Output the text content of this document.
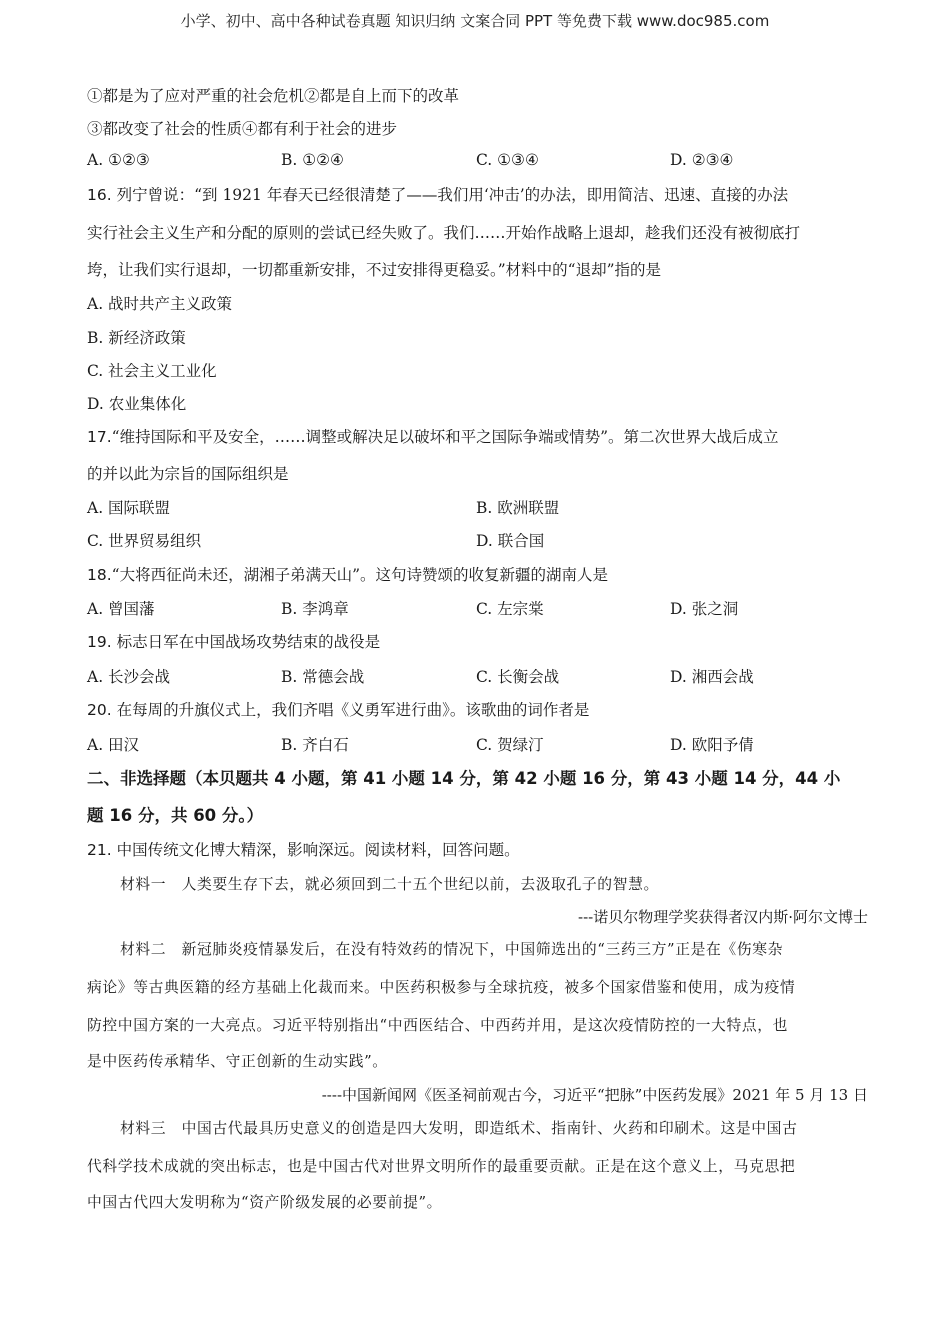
小学、初中、高中各种试卷真题 知识归纳 文案合同 PPT 等免费下载 www.doc985.com
①都是为了应对严重的社会危机②都是自上而下的改革
③都改变了社会的性质④都有利于社会的进步
A. ①②③	B. ①②④	C. ①③④	D. ②③④
16. 列宁曾说：“到 1921 年春天已经很清楚了——我们用‘冲击’的办法，即用简洁、迅速、直接的办法
实行社会主义生产和分配的原则的尝试已经失败了。我们……开始作战略上退却，趁我们还没有被彻底打
垮，让我们实行退却，一切都重新安排，不过安排得更稳妥。”材料中的“退却”指的是
A. 战时共产主义政策
B. 新经济政策
C. 社会主义工业化
D. 农业集体化
17.“维持国际和平及安全，……调整或解决足以破坏和平之国际争端或情势”。第二次世界大战后成立
的并以此为宗旨的国际组织是
A. 国际联盟	B. 欧洲联盟
C. 世界贸易组织	D. 联合国
18.“大将西征尚未还，湖湘子弟满天山”。这句诗赞颂的收复新疆的湖南人是
A. 曾国藩	B. 李鸿章	C. 左宗棠	D. 张之洞
19. 标志日军在中国战场攻势结束的战役是
A. 长沙会战	B. 常德会战	C. 长衡会战	D. 湘西会战
20. 在每周的升旗仪式上，我们齐唱《义勇军进行曲》。该歌曲的词作者是
A. 田汉	B. 齐白石	C. 贺绿汀	D. 欧阳予倩
二、非选择题（本贝题共 4 小题，第 41 小题 14 分，第 42 小题 16 分，第 43 小题 14 分，44 小
题 16 分，共 60 分。）
21. 中国传统文化博大精深，影响深远。阅读材料，回答问题。
材料一　人类要生存下去，就必须回到二十五个世纪以前，去汲取孔子的智慧。
---诺贝尔物理学奖获得者汉内斯·阿尔文博士
材料二　新冠肺炎疫情暴发后，在没有特效药的情况下，中国筛选出的“三药三方”正是在《伤寒杂
病论》等古典医籍的经方基础上化裁而来。中医药积极参与全球抗疫，被多个国家借鉴和使用，成为疫情
防控中国方案的一大亮点。习近平特别指出“中西医结合、中西药并用，是这次疫情防控的一大特点，也
是中医药传承精华、守正创新的生动实践”。
----中国新闻网《医圣祠前观古今，习近平“把脉”中医药发展》2021 年 5 月 13 日
材料三　中国古代最具历史意义的创造是四大发明，即造纸术、指南针、火药和印刷术。这是中国古
代科学技术成就的突出标志，也是中国古代对世界文明所作的最重要贡献。正是在这个意义上，马克思把
中国古代四大发明称为“资产阶级发展的必要前提”。
